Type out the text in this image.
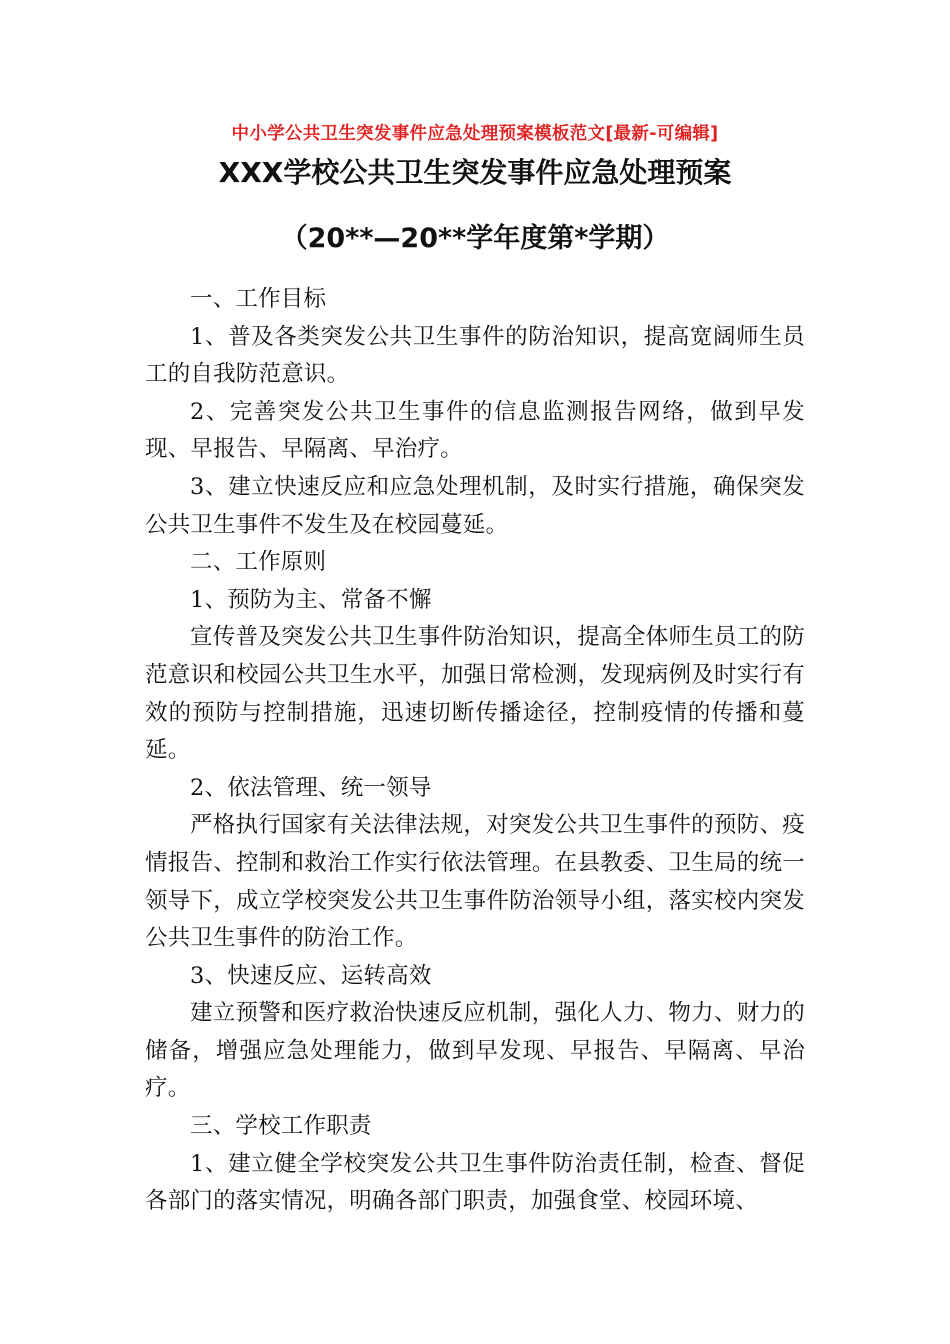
中小学公共卫生突发事件应急处理预案模板范文[最新-可编辑]
XXX学校公共卫生突发事件应急处理预案
（20**—20**学年度第*学期）

一、工作目标

1、普及各类突发公共卫生事件的防治知识，提高宽阔师生员工的自我防范意识。

2、完善突发公共卫生事件的信息监测报告网络，做到早发现、早报告、早隔离、早治疗。

3、建立快速反应和应急处理机制，及时实行措施，确保突发公共卫生事件不发生及在校园蔓延。

二、工作原则

1、预防为主、常备不懈

宣传普及突发公共卫生事件防治知识，提高全体师生员工的防范意识和校园公共卫生水平，加强日常检测，发现病例及时实行有效的预防与控制措施，迅速切断传播途径，控制疫情的传播和蔓延。

2、依法管理、统一领导

严格执行国家有关法律法规，对突发公共卫生事件的预防、疫情报告、控制和救治工作实行依法管理。在县教委、卫生局的统一领导下，成立学校突发公共卫生事件防治领导小组，落实校内突发公共卫生事件的防治工作。

3、快速反应、运转高效

建立预警和医疗救治快速反应机制，强化人力、物力、财力的储备，增强应急处理能力，做到早发现、早报告、早隔离、早治疗。

三、学校工作职责

1、建立健全学校突发公共卫生事件防治责任制，检查、督促各部门的落实情况，明确各部门职责，加强食堂、校园环境、
